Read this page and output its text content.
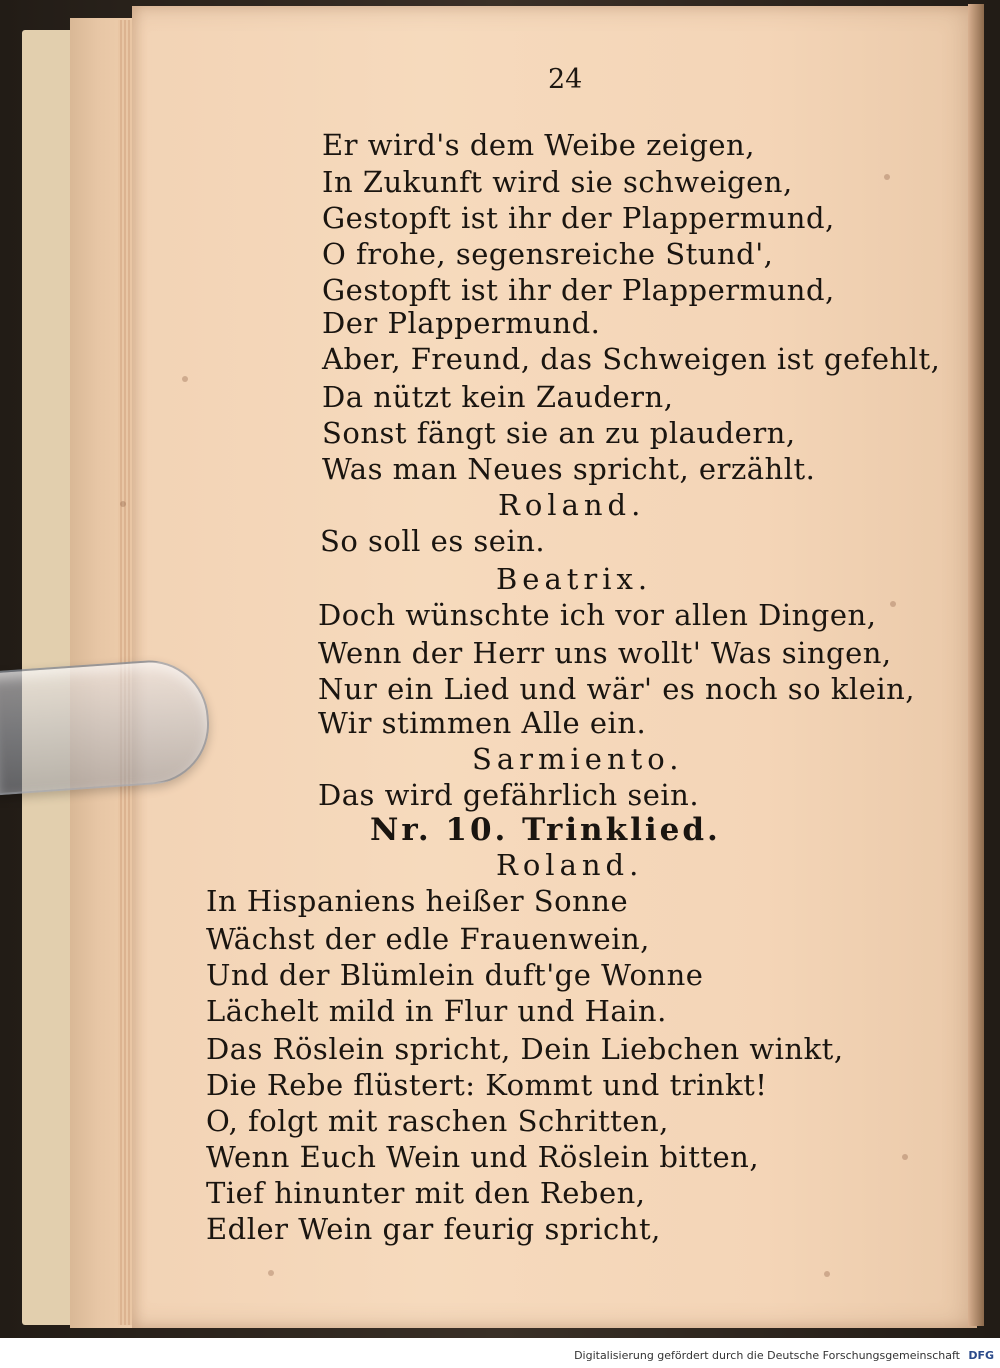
24
Er wird's dem Weibe zeigen,
In Zukunft wird sie schweigen,
Gestopft ist ihr der Plappermund,
O frohe, segensreiche Stund',
Gestopft ist ihr der Plappermund,
Der Plappermund.
Aber, Freund, das Schweigen ist gefehlt,
Da nützt kein Zaudern,
Sonst fängt sie an zu plaudern,
Was man Neues spricht, erzählt.
Roland.
So soll es sein.
Beatrix.
Doch wünschte ich vor allen Dingen,
Wenn der Herr uns wollt' Was singen,
Nur ein Lied und wär' es noch so klein,
Wir stimmen Alle ein.
Sarmiento.
Das wird gefährlich sein.
Nr. 10. Trinklied.
Roland.
In Hispaniens heißer Sonne
Wächst der edle Frauenwein,
Und der Blümlein duft'ge Wonne
Lächelt mild in Flur und Hain.
Das Röslein spricht, Dein Liebchen winkt,
Die Rebe flüstert: Kommt und trinkt!
O, folgt mit raschen Schritten,
Wenn Euch Wein und Röslein bitten,
Tief hinunter mit den Reben,
Edler Wein gar feurig spricht,
Digitalisierung gefördert durch die Deutsche Forschungsgemeinschaft DFG
